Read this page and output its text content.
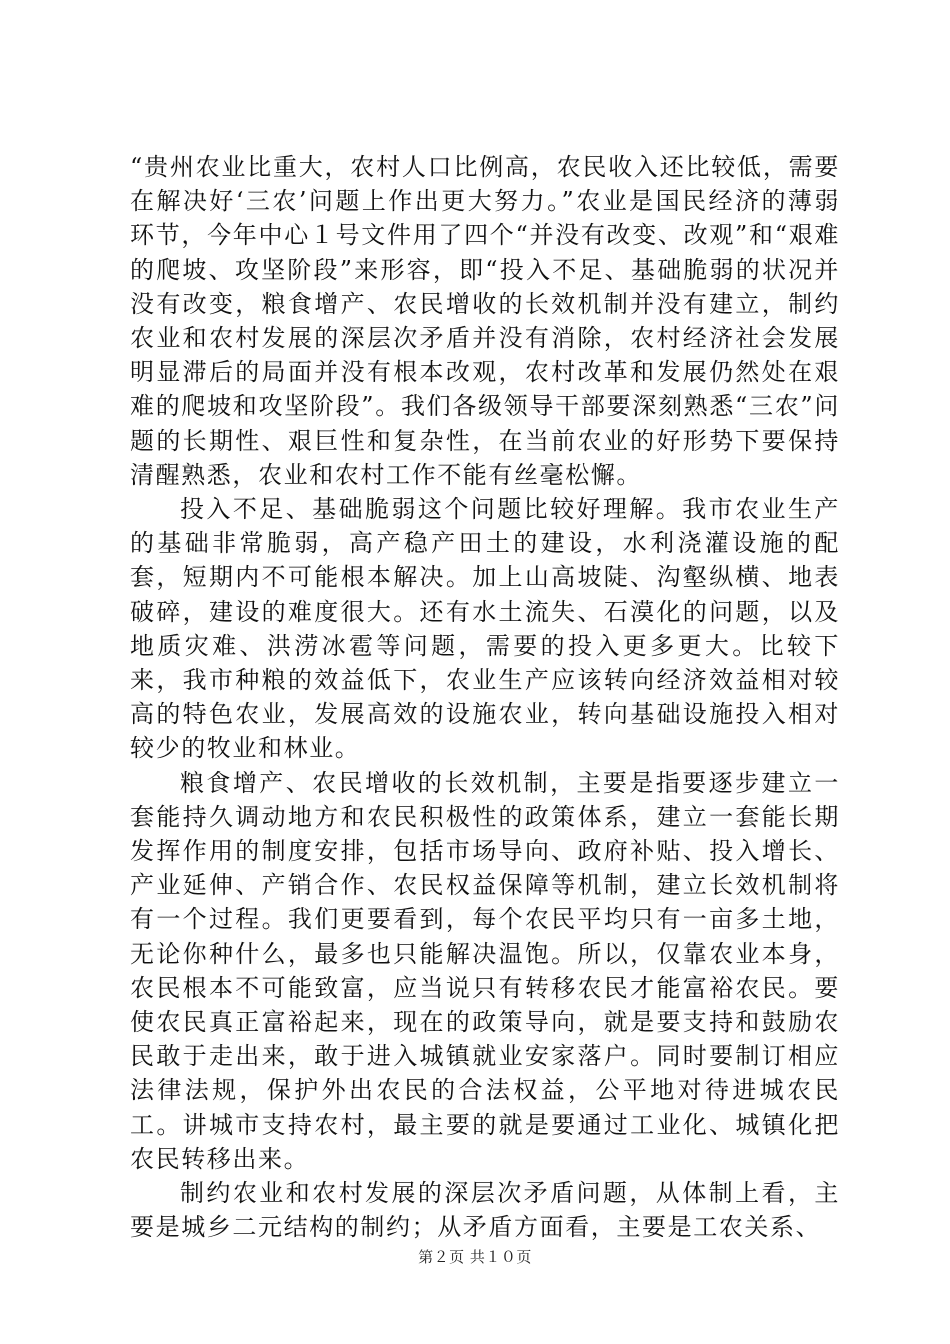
“贵州农业比重大，农村人口比例高，农民收入还比较低，需要在解决好‘三农’问题上作出更大努力。”农业是国民经济的薄弱环节，今年中心１号文件用了四个“并没有改变、改观”和“艰难的爬坡、攻坚阶段”来形容，即“投入不足、基础脆弱的状况并没有改变，粮食增产、农民增收的长效机制并没有建立，制约农业和农村发展的深层次矛盾并没有消除，农村经济社会发展明显滞后的局面并没有根本改观，农村改革和发展仍然处在艰难的爬坡和攻坚阶段”。我们各级领导干部要深刻熟悉“三农”问题的长期性、艰巨性和复杂性，在当前农业的好形势下要保持清醒熟悉，农业和农村工作不能有丝毫松懈。

投入不足、基础脆弱这个问题比较好理解。我市农业生产的基础非常脆弱，高产稳产田土的建设，水利浇灌设施的配套，短期内不可能根本解决。加上山高坡陡、沟壑纵横、地表破碎，建设的难度很大。还有水土流失、石漠化的问题，以及地质灾难、洪涝冰雹等问题，需要的投入更多更大。比较下来，我市种粮的效益低下，农业生产应该转向经济效益相对较高的特色农业，发展高效的设施农业，转向基础设施投入相对较少的牧业和林业。

粮食增产、农民增收的长效机制，主要是指要逐步建立一套能持久调动地方和农民积极性的政策体系，建立一套能长期发挥作用的制度安排，包括市场导向、政府补贴、投入增长、产业延伸、产销合作、农民权益保障等机制，建立长效机制将有一个过程。我们更要看到，每个农民平均只有一亩多土地，无论你种什么，最多也只能解决温饱。所以，仅靠农业本身，农民根本不可能致富，应当说只有转移农民才能富裕农民。要使农民真正富裕起来，现在的政策导向，就是要支持和鼓励农民敢于走出来，敢于进入城镇就业安家落户。同时要制订相应法律法规，保护外出农民的合法权益，公平地对待进城农民工。讲城市支持农村，最主要的就是要通过工业化、城镇化把农民转移出来。

制约农业和农村发展的深层次矛盾问题，从体制上看，主要是城乡二元结构的制约；从矛盾方面看，主要是工农关系、

第２页 共１０页
